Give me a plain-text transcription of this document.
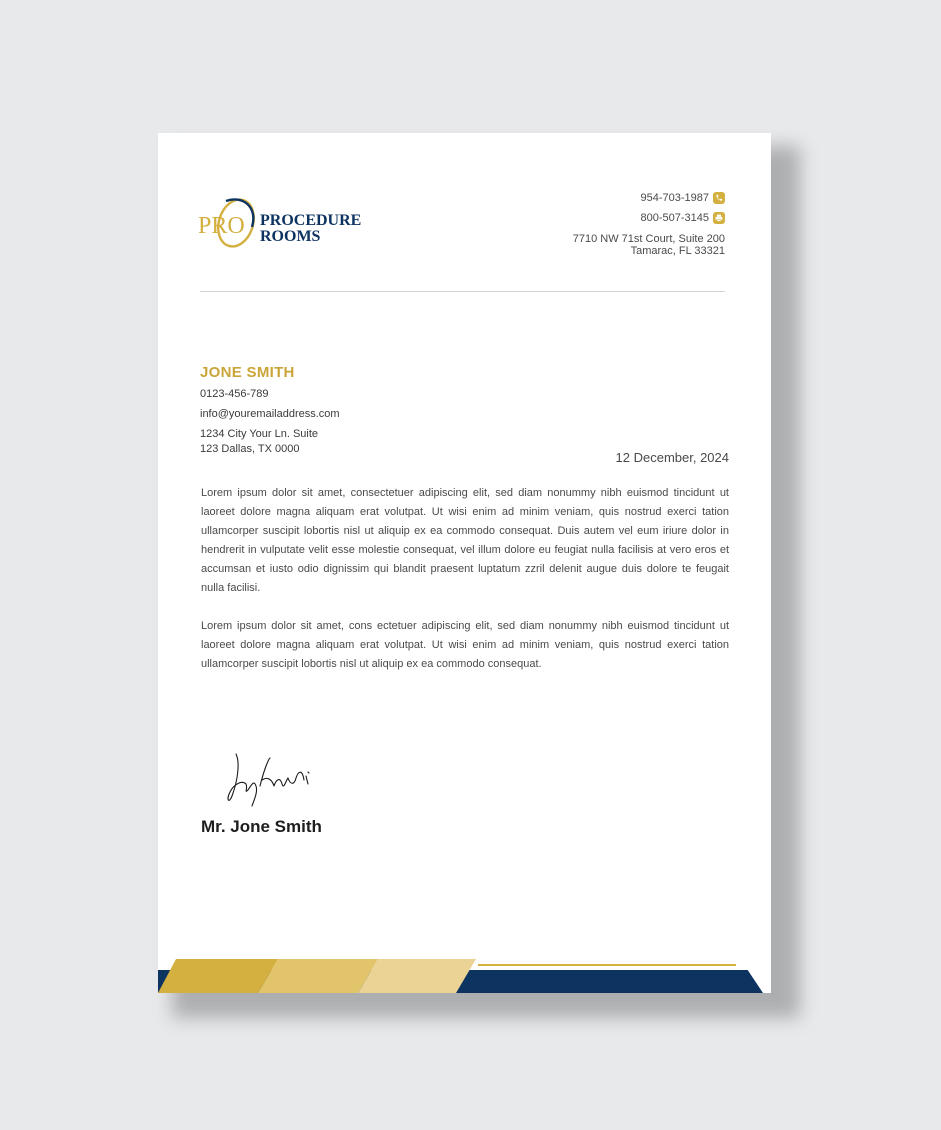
PRO PROCEDURE
ROOMS
954-703-1987
800-507-3145
7710 NW 71st Court, Suite 200
Tamarac, FL 33321
JONE SMITH
0123-456-789
info@youremailaddress.com
1234 City Your Ln. Suite
123 Dallas, TX 0000
12 December, 2024

Lorem ipsum dolor sit amet, consectetuer adipiscing elit, sed diam nonummy nibh euismod tincidunt ut laoreet dolore magna aliquam erat volutpat. Ut wisi enim ad minim veniam, quis nostrud exerci tation ullamcorper suscipit lobortis nisl ut aliquip ex ea commodo consequat. Duis autem vel eum iriure dolor in hendrerit in vulputate velit esse molestie consequat, vel illum dolore eu feugiat nulla facilisis at vero eros et accumsan et iusto odio dignissim qui blandit praesent luptatum zzril delenit augue duis dolore te feugait nulla facilisi.

Lorem ipsum dolor sit amet, cons ectetuer adipiscing elit, sed diam nonummy nibh euismod tincidunt ut laoreet dolore magna aliquam erat volutpat. Ut wisi enim ad minim veniam, quis nostrud exerci tation ullamcorper suscipit lobortis nisl ut aliquip ex ea commodo consequat.

Mr. Jone Smith
